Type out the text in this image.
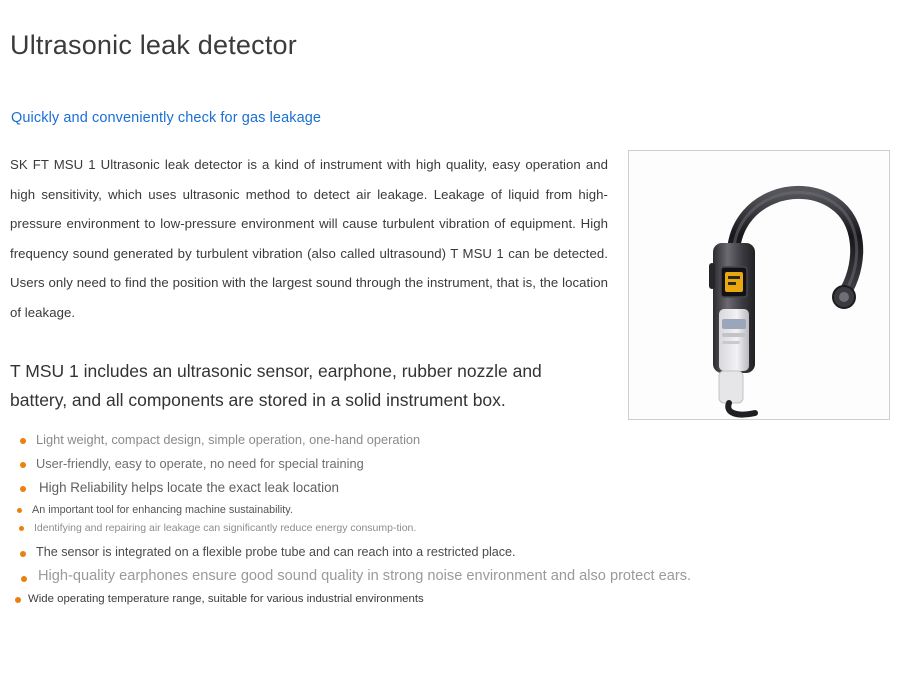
Ultrasonic leak detector
Quickly and conveniently check for gas leakage

SK FT MSU 1 Ultrasonic leak detector is a kind of instrument with high quality, easy operation and high sensitivity, which uses ultrasonic method to detect air leakage. Leakage of liquid from high-pressure environment to low-pressure environment will cause turbulent vibration of equipment. High frequency sound generated by turbulent vibration (also called ultrasound) T MSU 1 can be detected. Users only need to find the position with the largest sound through the instrument, that is, the location of leakage.

T MSU 1 includes an ultrasonic sensor, earphone, rubber nozzle and battery, and all components are stored in a solid instrument box.

Light weight, compact design, simple operation, one-hand operation
User-friendly, easy to operate, no need for special training
High Reliability helps locate the exact leak location
An important tool for enhancing machine sustainability.
Identifying and repairing air leakage can significantly reduce energy consump-tion.
The sensor is integrated on a flexible probe tube and can reach into a restricted place.
High-quality earphones ensure good sound quality in strong noise environment and also protect ears.
Wide operating temperature range, suitable for various industrial environments
